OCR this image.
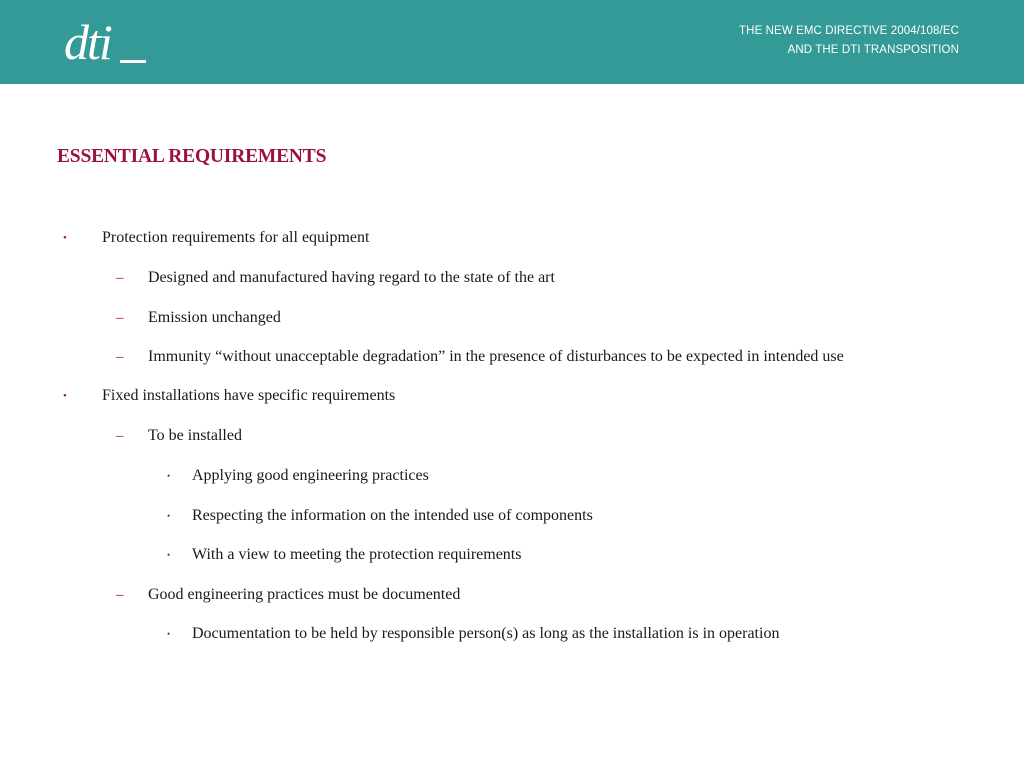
dti	THE NEW EMC DIRECTIVE 2004/108/EC
AND THE DTI TRANSPOSITION
ESSENTIAL REQUIREMENTS
• Protection requirements for all equipment
– Designed and manufactured having regard to the state of the art
– Emission unchanged
– Immunity “without unacceptable degradation” in the presence of disturbances to be expected in intended use
• Fixed installations have specific requirements
– To be installed
• Applying good engineering practices
• Respecting the information on the intended use of components
• With a view to meeting the protection requirements
– Good engineering practices must be documented
• Documentation to be held by responsible person(s) as long as the installation is in operation
